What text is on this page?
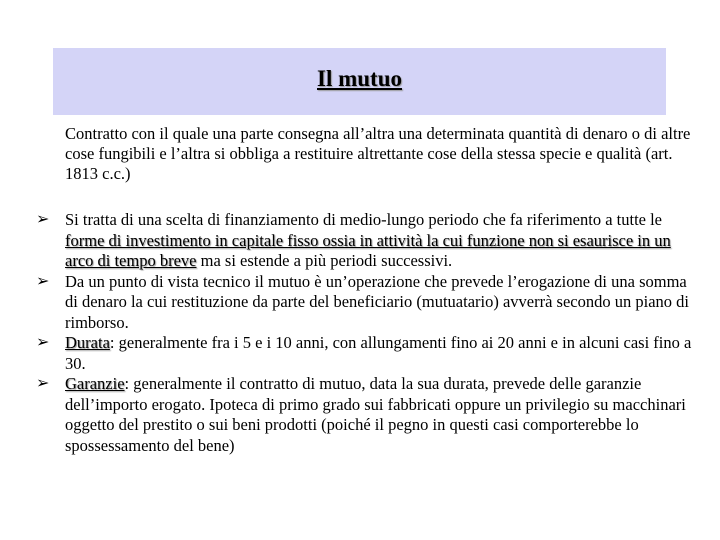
Il mutuo
Contratto con il quale una parte consegna all’altra una determinata quantità di denaro o di altre cose fungibili e l’altra si obbliga a restituire altrettante cose della stessa specie e qualità (art. 1813 c.c.)
➢ Si tratta di una scelta di finanziamento di medio-lungo periodo che fa riferimento a tutte le forme di investimento in capitale fisso ossia in attività la cui funzione non si esaurisce in un arco di tempo breve ma si estende a più periodi successivi.
➢ Da un punto di vista tecnico il mutuo è un’operazione che prevede l’erogazione di una somma di denaro la cui restituzione da parte del beneficiario (mutuatario) avverrà secondo un piano di rimborso.
➢ Durata: generalmente fra i 5 e i 10 anni, con allungamenti fino ai 20 anni e in alcuni casi fino a 30.
➢ Garanzie: generalmente il contratto di mutuo, data la sua durata, prevede delle garanzie dell’importo erogato. Ipoteca di primo grado sui fabbricati oppure un privilegio su macchinari oggetto del prestito o sui beni prodotti (poiché il pegno in questi casi comporterebbe lo spossessamento del bene)
